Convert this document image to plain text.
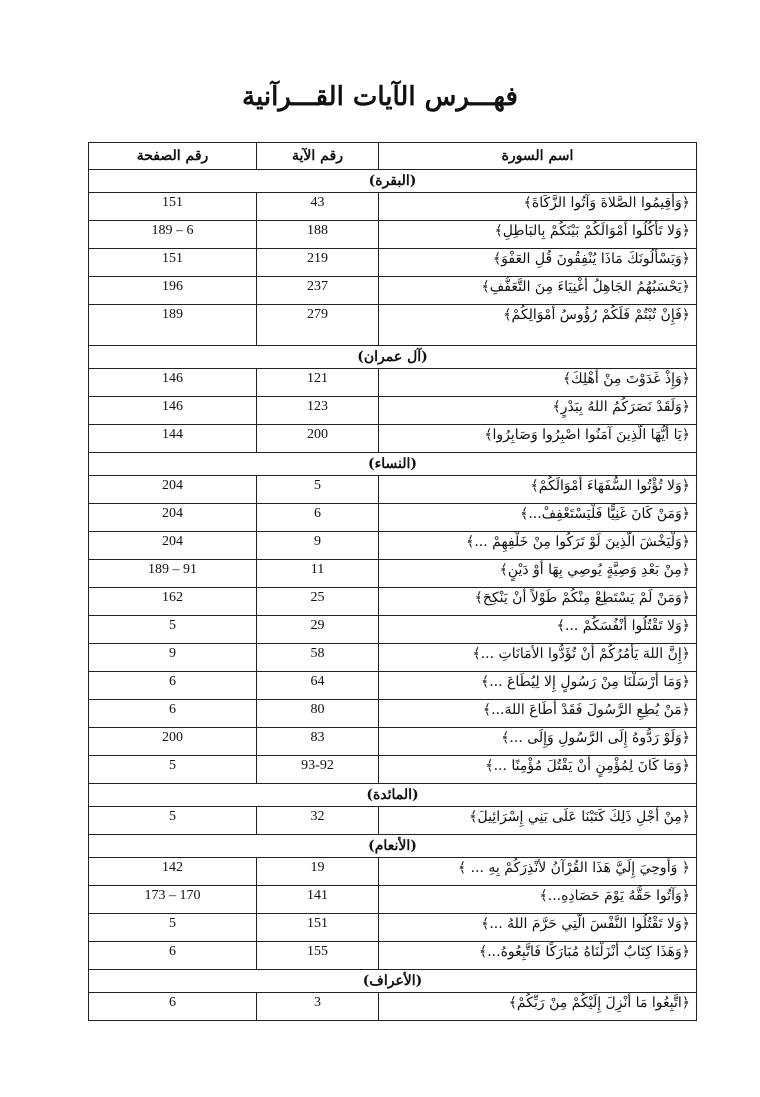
فهـــرس الآيات القـــرآنية
اسم السورة	رقم الآية	رقم الصفحة
(البقرة)		
﴿وَأَقِيمُوا الصَّلاةَ وَآتُوا الزَّكَاةَ﴾	43	151
﴿وَلا تَأْكُلُوا أَمْوَالَكُمْ بَيْنَكُمْ بِالبَاطِلِ﴾	188	189 – 6
﴿وَيَسْأَلُونَكَ مَاذَا يُنْفِقُونَ قُلِ العَفْوَ﴾	219	151
﴿يَحْسَبُهُمُ الجَاهِلُ أَغْنِيَاءَ مِنَ التَّعَفُّفِ﴾	237	196
﴿فَإِنْ تُبْتُمْ فَلَكُمْ رُؤُوسُ أَمْوَالِكُمْ﴾	279	189
(آل عمران)		
﴿وَإِذْ غَدَوْتَ مِنْ أَهْلِكَ﴾	121	146
﴿وَلَقَدْ نَصَرَكُمُ اللهُ بِبَدْرٍ﴾	123	146
﴿يَا أَيُّهَا الَّذِينَ آمَنُوا اصْبِرُوا وَصَابِرُوا﴾	200	144
(النساء)		
﴿وَلا تُؤْتُوا السُّفَهَاءَ أَمْوَالَكُمْ﴾	5	204
﴿وَمَنْ كَانَ غَنِيًّا فَلْيَسْتَعْفِفْ...﴾	6	204
﴿وَلْيَخْشَ الَّذِينَ لَوْ تَرَكُوا مِنْ خَلْفِهِمْ ...﴾	9	204
﴿مِنْ بَعْدِ وَصِيَّةٍ يُوصِي بِهَا أَوْ دَيْنٍ﴾	11	189 – 91
﴿وَمَنْ لَمْ يَسْتَطِعْ مِنْكُمْ طَوْلاً أَنْ يَنْكِحَ﴾	25	162
﴿وَلا تَقْتُلُوا أَنْفُسَكُمْ ...﴾	29	5
﴿إِنَّ اللهَ يَأْمُرُكُمْ أَنْ تُؤَدُّوا الأَمَانَاتِ ...﴾	58	9
﴿وَمَا أَرْسَلْنَا مِنْ رَسُولٍ إِلا لِيُطَاعَ ...﴾	64	6
﴿مَنْ يُطِعِ الرَّسُولَ فَقَدْ أَطَاعَ اللهَ...﴾	80	6
﴿وَلَوْ رَدُّوهُ إِلَى الرَّسُولِ وَإِلَى ...﴾	83	200
﴿وَمَا كَانَ لِمُؤْمِنٍ أَنْ يَقْتُلَ مُؤْمِنًا ...﴾	93-92	5
(المائدة)		
﴿مِنْ أَجْلِ ذَلِكَ كَتَبْنَا عَلَى بَنِي إِسْرَائِيلَ﴾	32	5
(الأنعام)		
﴿ وَأُوحِيَ إِلَيَّ هَذَا القُرْآنُ لأُنْذِرَكُمْ بِهِ ... ﴾	19	142
﴿وَآتُوا حَقَّهُ يَوْمَ حَصَادِهِ...﴾	141	173 – 170
﴿وَلا تَقْتُلُوا النَّفْسَ الَّتِي حَرَّمَ اللهُ ...﴾	151	5
﴿وَهَذَا كِتَابٌ أَنْزَلْنَاهُ مُبَارَكًا فَاتَّبِعُوهُ...﴾	155	6
(الأعراف)		
﴿اتَّبِعُوا مَا أُنْزِلَ إِلَيْكُمْ مِنْ رَبِّكُمْ﴾	3	6
